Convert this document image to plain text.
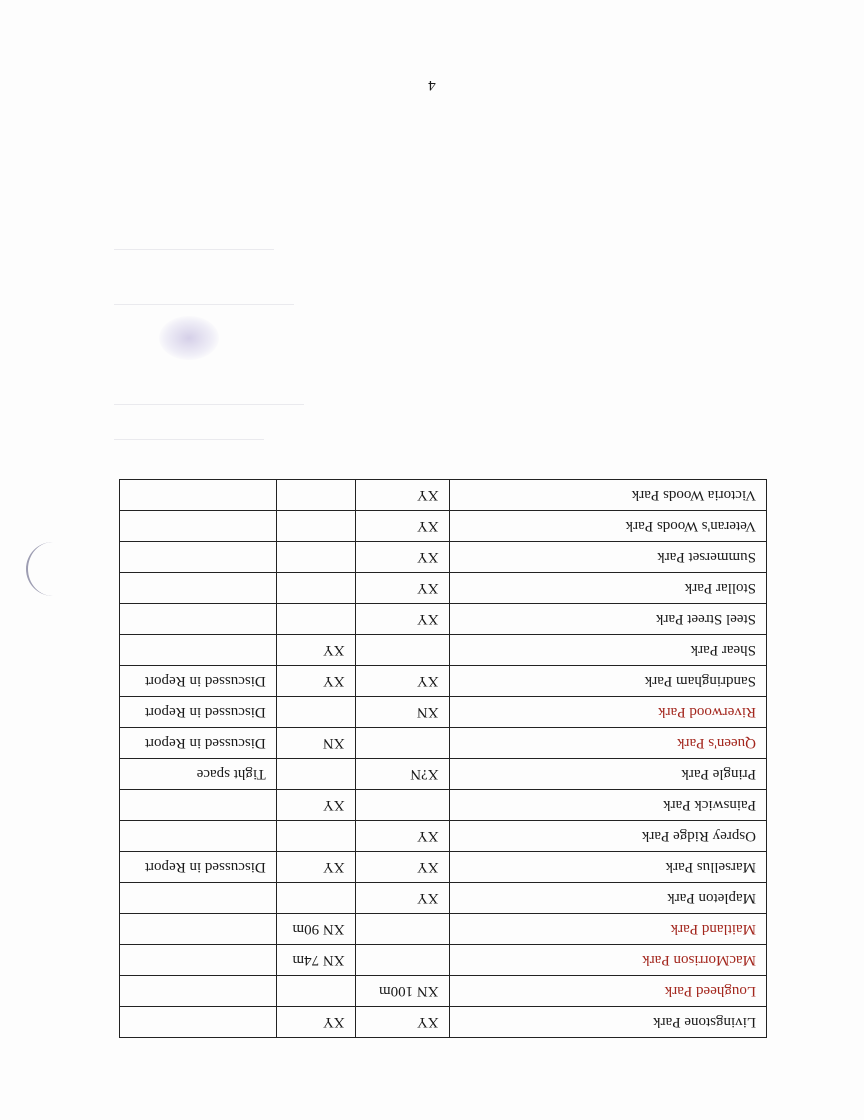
Livingstone Park	XY	XY	
Lougheed Park	XN 100m		
MacMorrison Park		XN 74m	
Maitland Park		XN 90m	
Mapleton Park	XY		
Marsellus Park	XY	XY	Discussed in Report
Osprey Ridge Park	XY		
Painswick Park		XY	
Pringle Park	X?N		Tight space
Queen's Park		XN	Discussed in Report
Riverwood Park	XN		Discussed in Report
Sandringham Park	XY	XY	Discussed in Report
Shear Park		XY	
Steel Street Park	XY		
Stollar Park	XY		
Summerset Park	XY		
Veteran's Woods Park	XY		
Victoria Woods Park	XY		
4
